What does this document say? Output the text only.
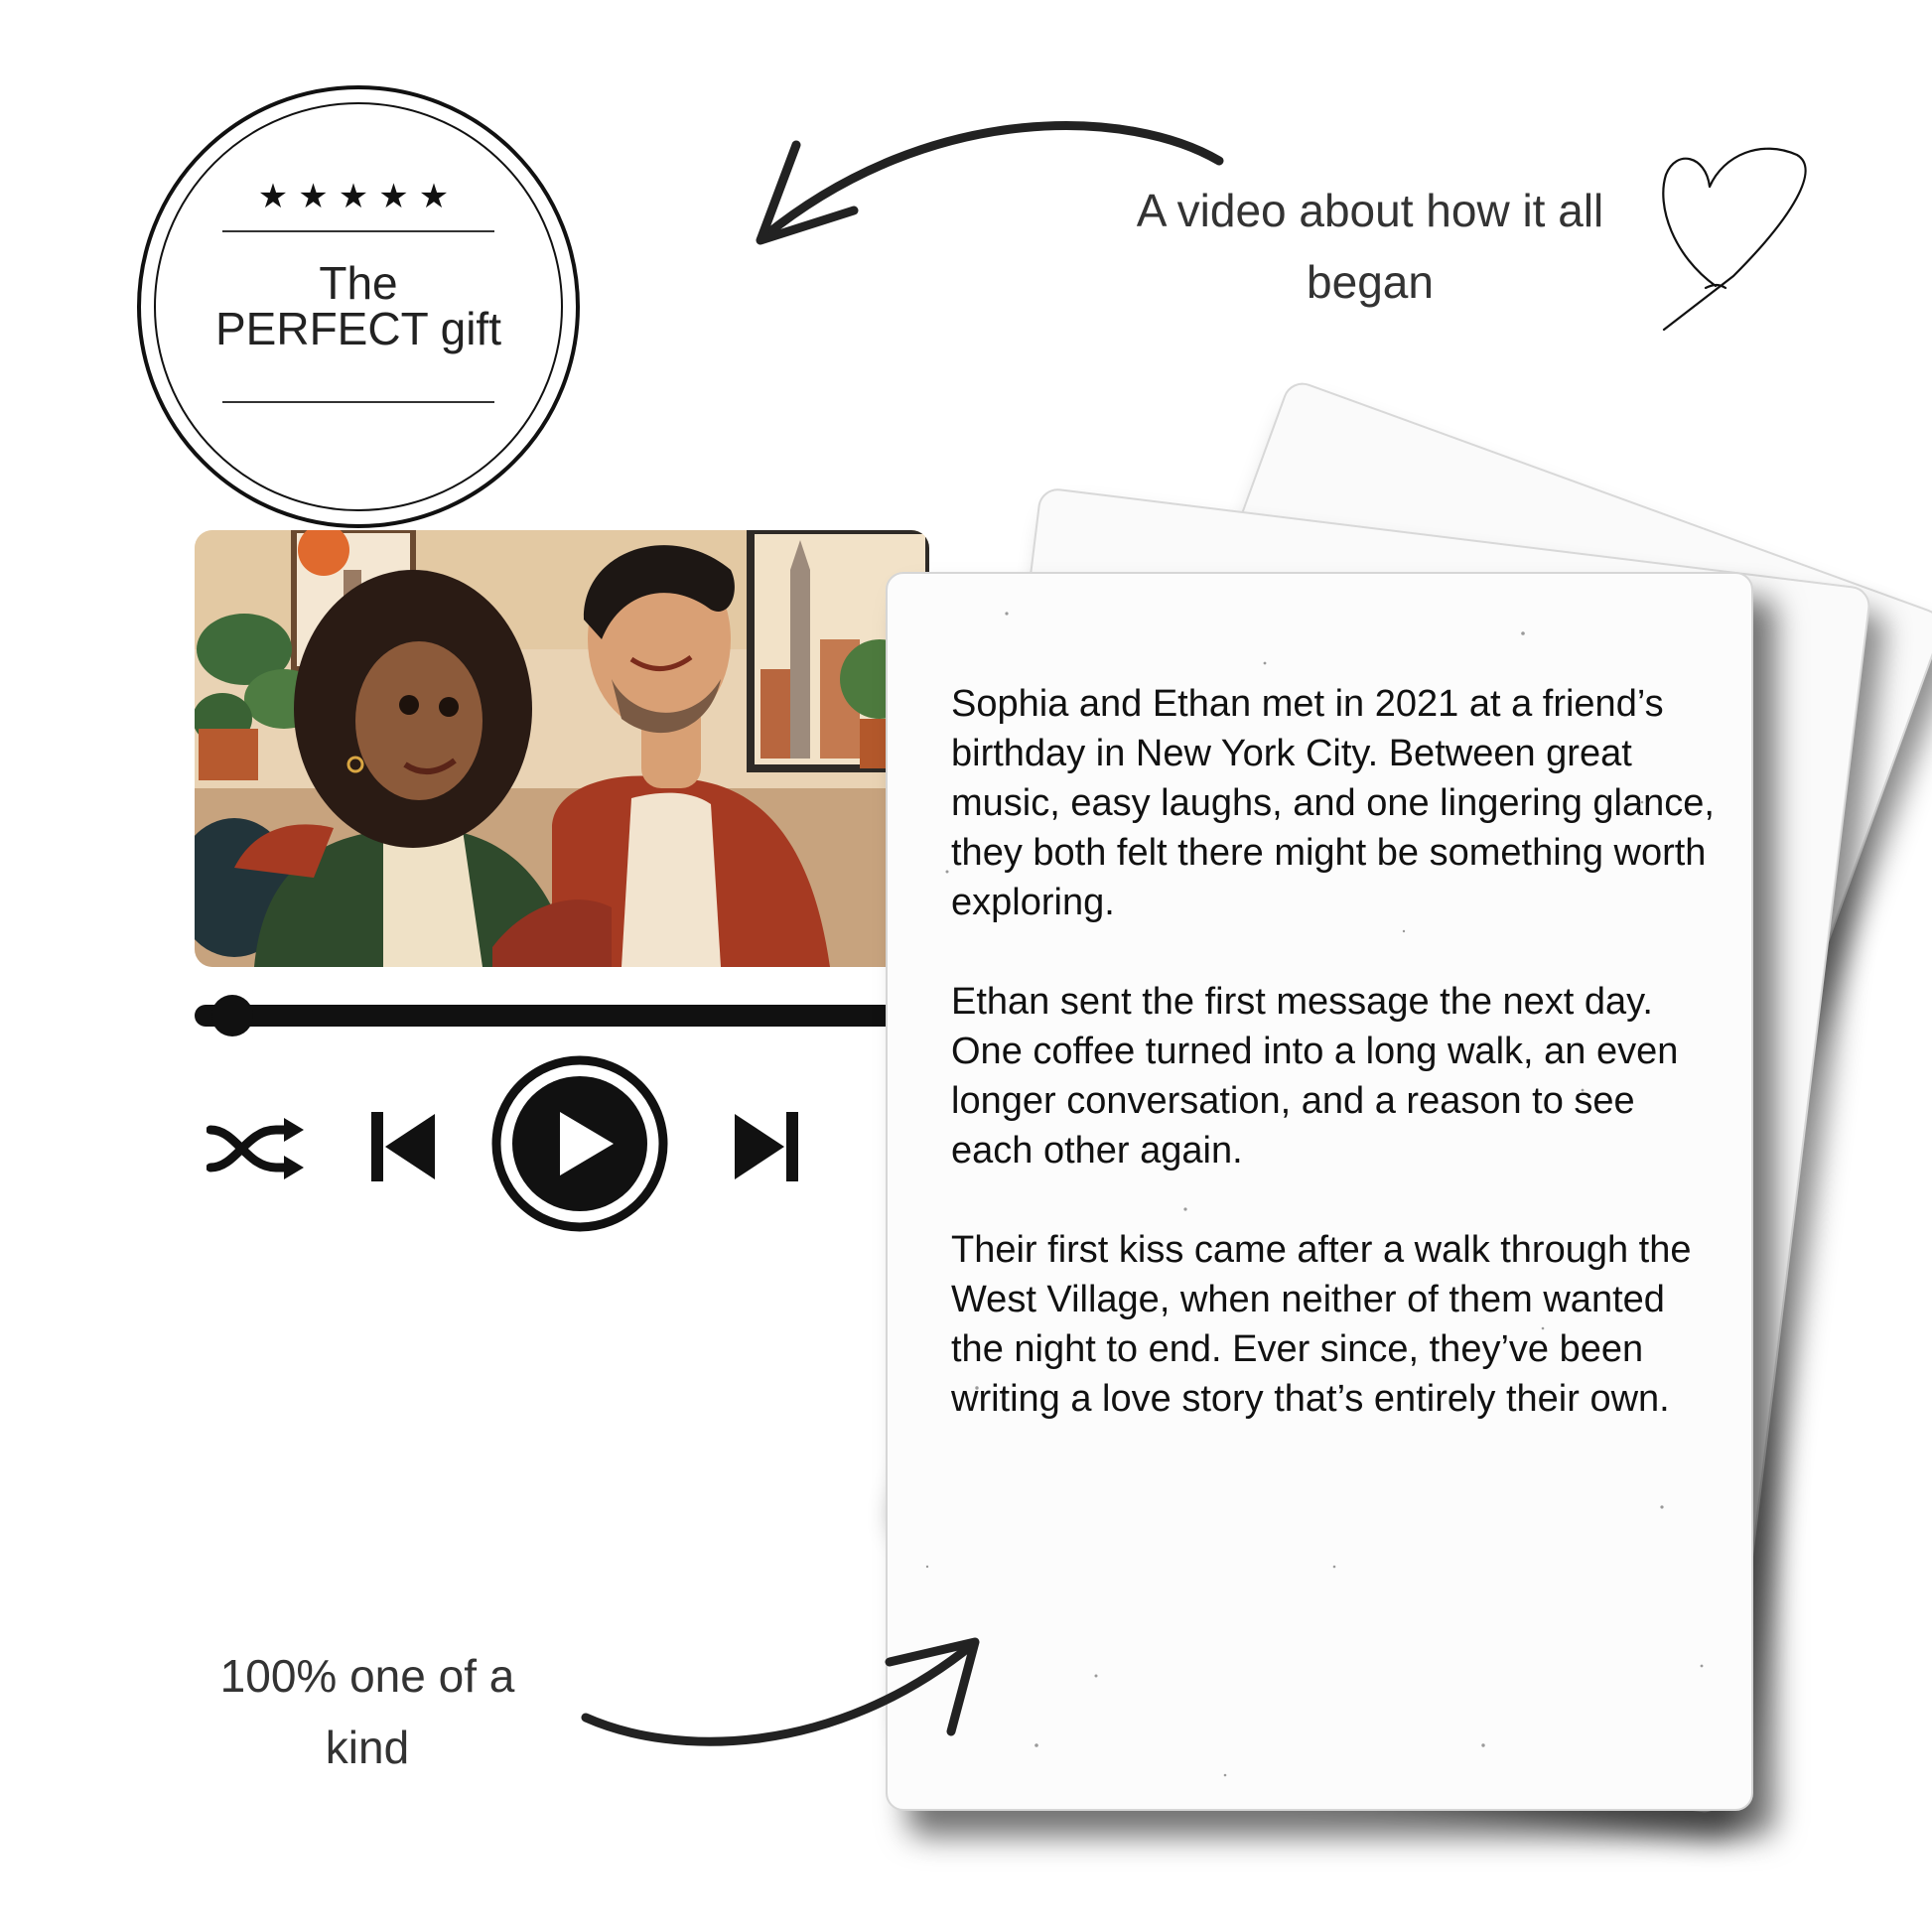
★★★★★
The
PERFECT gift
A video about how it all began

Sophia and Ethan met in 2021 at a friend’s birthday in New York City. Between great music, easy laughs, and one lingering glance, they both felt there might be something worth exploring.

Ethan sent the first message the next day. One coffee turned into a long walk, an even longer conversation, and a reason to see each other again.

Their first kiss came after a walk through the West Village, when neither of them wanted the night to end. Ever since, they’ve been writing a love story that’s entirely their own.

100% one of a kind
